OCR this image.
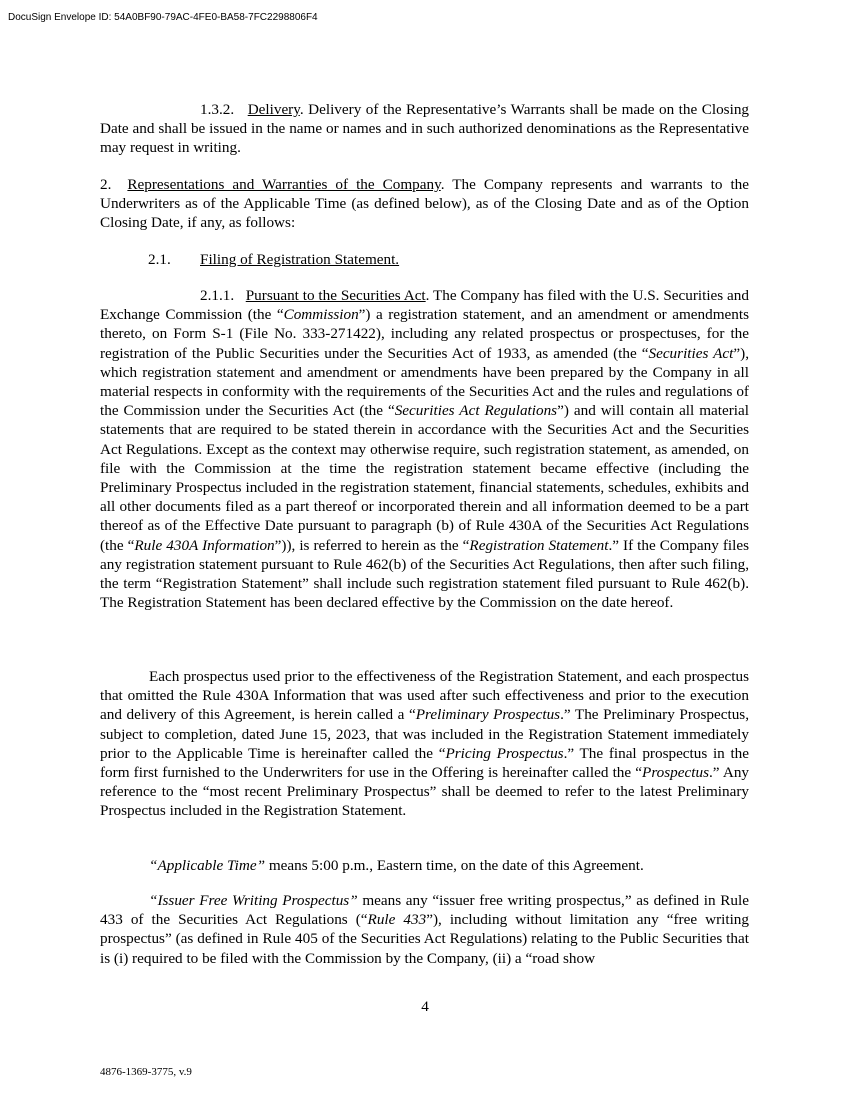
DocuSign Envelope ID: 54A0BF90-79AC-4FE0-BA58-7FC2298806F4

1.3.2. Delivery. Delivery of the Representative’s Warrants shall be made on the Closing Date and shall be issued in the name or names and in such authorized denominations as the Representative may request in writing.

2. Representations and Warranties of the Company. The Company represents and warrants to the Underwriters as of the Applicable Time (as defined below), as of the Closing Date and as of the Option Closing Date, if any, as follows:

2.1. Filing of Registration Statement.

2.1.1. Pursuant to the Securities Act. The Company has filed with the U.S. Securities and Exchange Commission (the “Commission”) a registration statement, and an amendment or amendments thereto, on Form S-1 (File No. 333-271422), including any related prospectus or prospectuses, for the registration of the Public Securities under the Securities Act of 1933, as amended (the “Securities Act”), which registration statement and amendment or amendments have been prepared by the Company in all material respects in conformity with the requirements of the Securities Act and the rules and regulations of the Commission under the Securities Act (the “Securities Act Regulations”) and will contain all material statements that are required to be stated therein in accordance with the Securities Act and the Securities Act Regulations. Except as the context may otherwise require, such registration statement, as amended, on file with the Commission at the time the registration statement became effective (including the Preliminary Prospectus included in the registration statement, financial statements, schedules, exhibits and all other documents filed as a part thereof or incorporated therein and all information deemed to be a part thereof as of the Effective Date pursuant to paragraph (b) of Rule 430A of the Securities Act Regulations (the “Rule 430A Information”)), is referred to herein as the “Registration Statement.” If the Company files any registration statement pursuant to Rule 462(b) of the Securities Act Regulations, then after such filing, the term “Registration Statement” shall include such registration statement filed pursuant to Rule 462(b). The Registration Statement has been declared effective by the Commission on the date hereof.

Each prospectus used prior to the effectiveness of the Registration Statement, and each prospectus that omitted the Rule 430A Information that was used after such effectiveness and prior to the execution and delivery of this Agreement, is herein called a “Preliminary Prospectus.” The Preliminary Prospectus, subject to completion, dated June 15, 2023, that was included in the Registration Statement immediately prior to the Applicable Time is hereinafter called the “Pricing Prospectus.” The final prospectus in the form first furnished to the Underwriters for use in the Offering is hereinafter called the “Prospectus.” Any reference to the “most recent Preliminary Prospectus” shall be deemed to refer to the latest Preliminary Prospectus included in the Registration Statement.

“Applicable Time” means 5:00 p.m., Eastern time, on the date of this Agreement.

“Issuer Free Writing Prospectus” means any “issuer free writing prospectus,” as defined in Rule 433 of the Securities Act Regulations (“Rule 433”), including without limitation any “free writing prospectus” (as defined in Rule 405 of the Securities Act Regulations) relating to the Public Securities that is (i) required to be filed with the Commission by the Company, (ii) a “road show

4
4876-1369-3775, v.9
